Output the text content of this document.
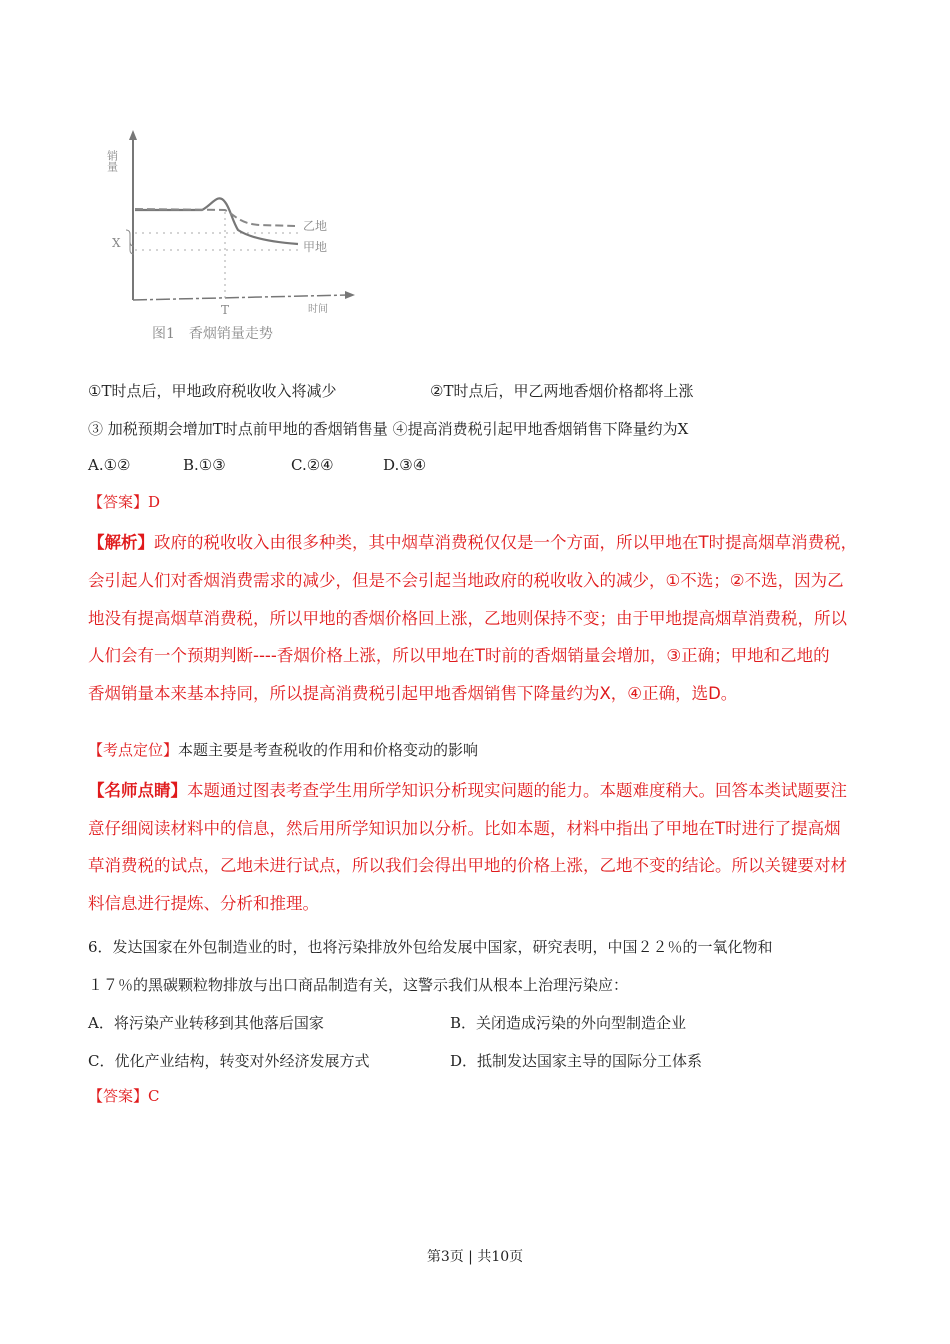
销量
X
乙地
甲地
T	时间
图1　香烟销量走势
①T时点后，甲地政府税收收入将减少	②T时点后，甲乙两地香烟价格都将上涨
③ 加税预期会增加T时点前甲地的香烟销售量 ④提高消费税引起甲地香烟销售下降量约为X
A.①②	B.①③	C.②④	D.③④
【答案】D
【解析】政府的税收收入由很多种类，其中烟草消费税仅仅是一个方面，所以甲地在T时提高烟草消费税，
会引起人们对香烟消费需求的减少，但是不会引起当地政府的税收收入的减少，①不选；②不选，因为乙
地没有提高烟草消费税，所以甲地的香烟价格回上涨，乙地则保持不变；由于甲地提高烟草消费税，所以
人们会有一个预期判断----香烟价格上涨，所以甲地在T时前的香烟销量会增加，③正确；甲地和乙地的
香烟销量本来基本持同，所以提高消费税引起甲地香烟销售下降量约为X，④正确，选D。
【考点定位】本题主要是考查税收的作用和价格变动的影响
【名师点睛】本题通过图表考查学生用所学知识分析现实问题的能力。本题难度稍大。回答本类试题要注
意仔细阅读材料中的信息，然后用所学知识加以分析。比如本题，材料中指出了甲地在T时进行了提高烟
草消费税的试点，乙地未进行试点，所以我们会得出甲地的价格上涨，乙地不变的结论。所以关键要对材
料信息进行提炼、分析和推理。
6．发达国家在外包制造业的时，也将污染排放外包给发展中国家，研究表明，中国２２％的一氧化物和
１７％的黑碳颗粒物排放与出口商品制造有关，这警示我们从根本上治理污染应：
A．将污染产业转移到其他落后国家	B．关闭造成污染的外向型制造企业
C．优化产业结构，转变对外经济发展方式	D．抵制发达国家主导的国际分工体系
【答案】C
第3页 | 共10页
